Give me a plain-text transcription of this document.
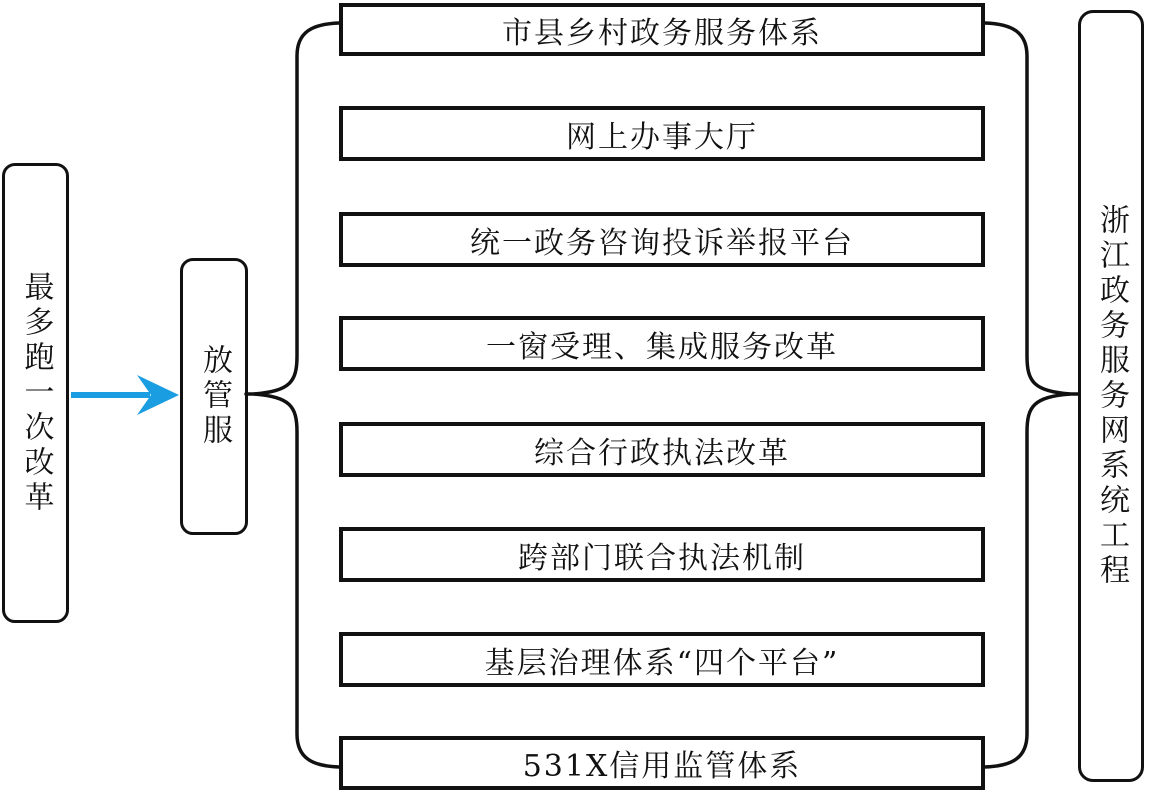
最多跑一次改革	放管服
市县乡村政务服务体系
网上办事大厅
统一政务咨询投诉举报平台
一窗受理、集成服务改革
综合行政执法改革
跨部门联合执法机制
基层治理体系“四个平台”
531X信用监管体系
浙江政务服务网系统工程
